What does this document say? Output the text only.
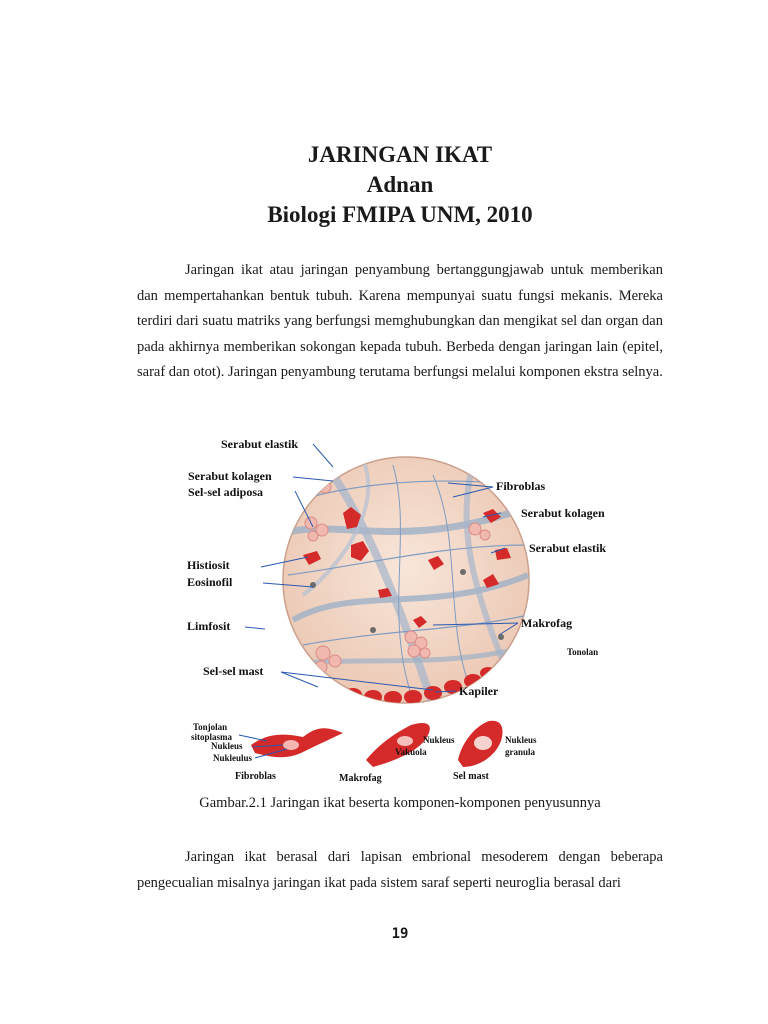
JARINGAN IKAT
Adnan
Biologi FMIPA UNM, 2010

Jaringan ikat atau jaringan penyambung bertanggungjawab untuk memberikan dan mempertahankan bentuk tubuh. Karena mempunyai suatu fungsi mekanis. Mereka terdiri dari suatu matriks yang berfungsi memghubungkan dan mengikat sel dan organ dan pada akhirnya memberikan sokongan kepada tubuh. Berbeda dengan jaringan lain (epitel, saraf dan otot). Jaringan penyambung terutama berfungsi melalui komponen ekstra selnya.

Serabut elastik
Serabut kolagen
Sel-sel adiposa
Histiosit
Eosinofil
Limfosit
Sel-sel mast
Fibroblas
Serabut kolagen
Serabut elastik
Makrofag
Tonolan
Kapiler
Tonjolan sitoplasma
Nukleus
Nukleulus
Fibroblas
Nukleus
Vakuola
Makrofag
Nukleus
granula
Sel mast
Gambar.2.1 Jaringan ikat beserta komponen-komponen penyusunnya

Jaringan ikat berasal dari lapisan embrional mesoderem dengan beberapa pengecualian misalnya jaringan ikat pada sistem saraf seperti neuroglia berasal dari

19
